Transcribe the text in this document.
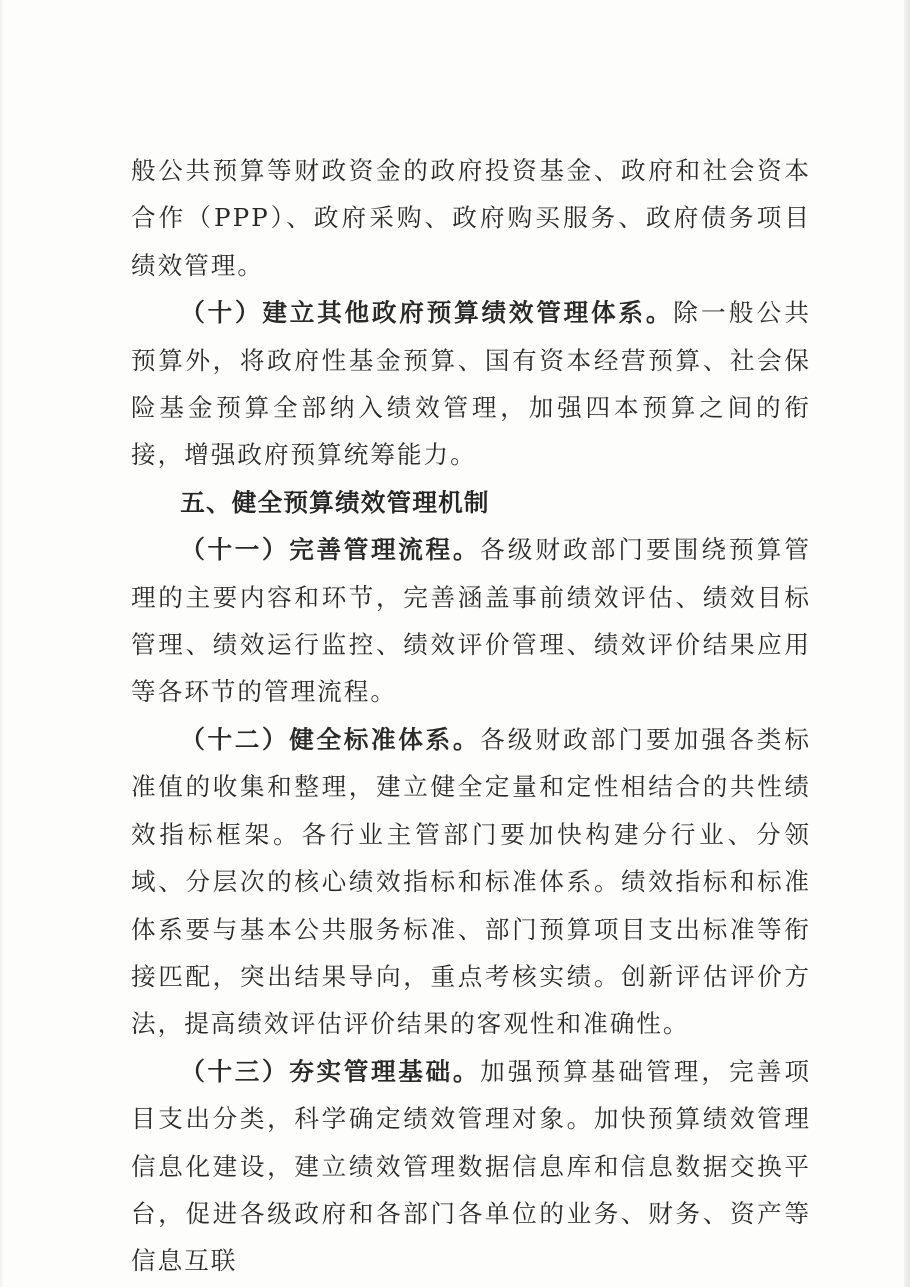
般公共预算等财政资金的政府投资基金、政府和社会资本合作（PPP）、政府采购、政府购买服务、政府债务项目绩效管理。

（十）建立其他政府预算绩效管理体系。除一般公共预算外，将政府性基金预算、国有资本经营预算、社会保险基金预算全部纳入绩效管理，加强四本预算之间的衔接，增强政府预算统筹能力。

五、健全预算绩效管理机制

（十一）完善管理流程。各级财政部门要围绕预算管理的主要内容和环节，完善涵盖事前绩效评估、绩效目标管理、绩效运行监控、绩效评价管理、绩效评价结果应用等各环节的管理流程。

（十二）健全标准体系。各级财政部门要加强各类标准值的收集和整理，建立健全定量和定性相结合的共性绩效指标框架。各行业主管部门要加快构建分行业、分领域、分层次的核心绩效指标和标准体系。绩效指标和标准体系要与基本公共服务标准、部门预算项目支出标准等衔接匹配，突出结果导向，重点考核实绩。创新评估评价方法，提高绩效评估评价结果的客观性和准确性。

（十三）夯实管理基础。加强预算基础管理，完善项目支出分类，科学确定绩效管理对象。加快预算绩效管理信息化建设，建立绩效管理数据信息库和信息数据交换平台，促进各级政府和各部门各单位的业务、财务、资产等信息互联
